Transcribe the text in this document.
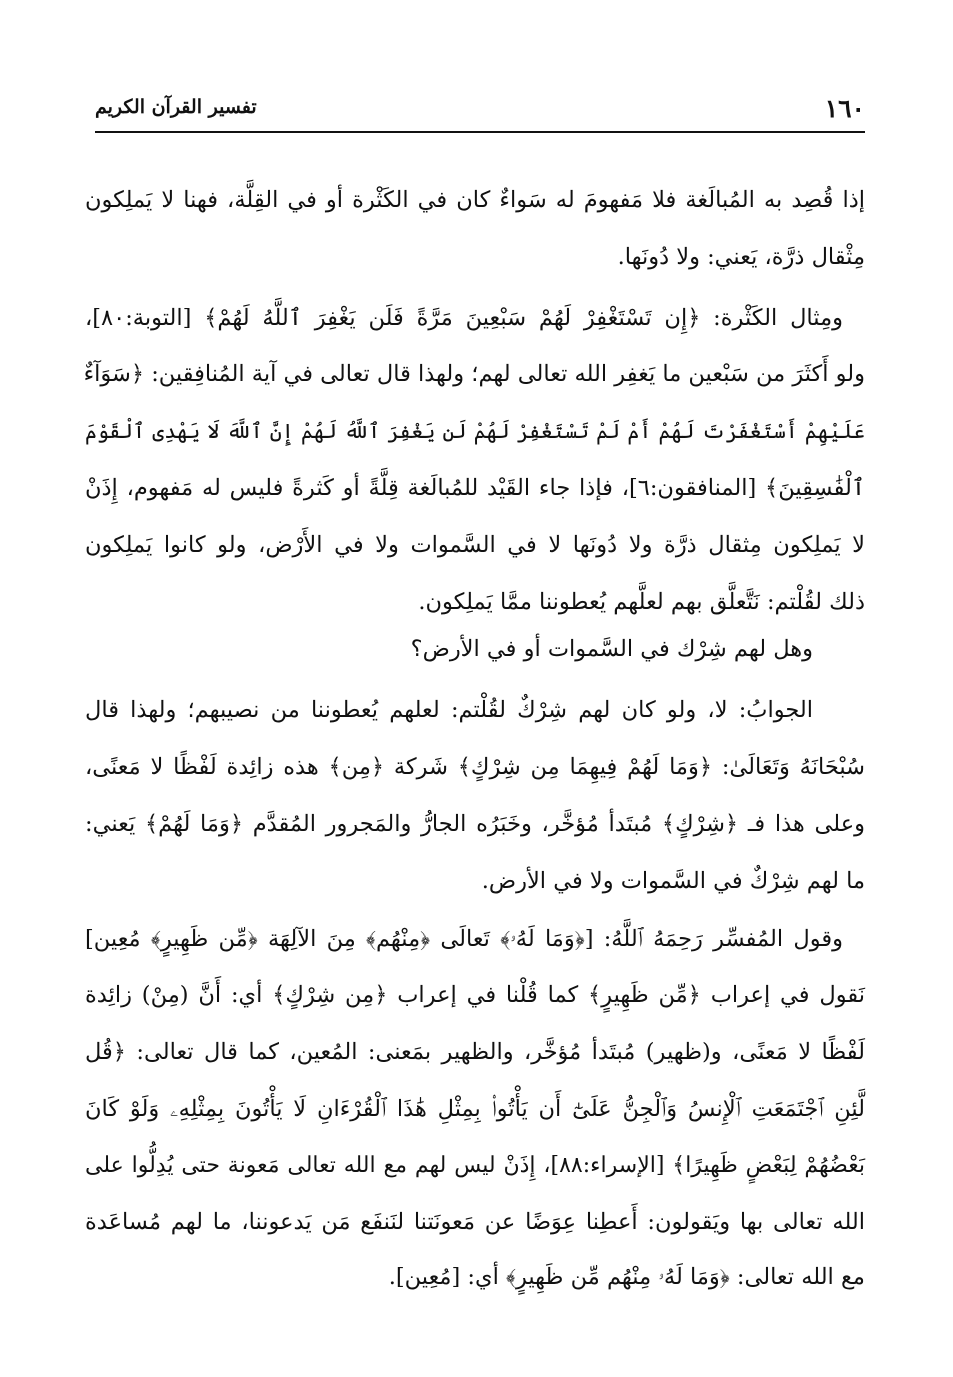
١٦٠
تفسير القرآن الكريم
إذا قُصِد به المُبالَغة فلا مَفهومَ له سَواءٌ كان في الكَثْرة أو في القِلَّة، فهنا لا يَملِكون
مِثْقال ذرَّة، يَعني: ولا دُونَها.
ومِثال الكَثْرة: ﴿إِن تَسْتَغْفِرْ لَهُمْ سَبْعِينَ مَرَّةً فَلَن يَغْفِرَ ٱللَّهُ لَهُمْ﴾ [التوبة:٨٠]،
ولو أَكثَرَ من سَبْعين ما يَغفِر الله تعالى لهم؛ ولهذا قال تعالى في آية المُنافِقين: ﴿سَوَآءٌ
عَلَيْهِمْ أَسْتَغْفَرْتَ لَهُمْ أَمْ لَمْ تَسْتَغْفِرْ لَهُمْ لَن يَغْفِرَ ٱللَّهُ لَهُمْ إِنَّ ٱللَّهَ لَا يَهْدِى ٱلْقَوْمَ
ٱلْفَٰسِقِينَ﴾ [المنافقون:٦]، فإذا جاء القَيْد للمُبالَغة قِلَّةً أو كَثرةً فليس له مَفهوم، إِذَنْ
لا يَملِكون مِثقال ذرَّة ولا دُونَها لا في السَّموات ولا في الأَرْض، ولو كانوا يَملِكون
ذلك لقُلْتم: نَتَّعلَّق بهم لعلَّهم يُعطوننا ممَّا يَملِكون.
وهل لهم شِرْك في السَّموات أو في الأرض؟
الجوابُ: لا، ولو كان لهم شِرْكٌ لقُلْتم: لعلهم يُعطوننا من نصيبهم؛ ولهذا قال
سُبْحَانَهُ وَتَعَالَىٰ: ﴿وَمَا لَهُمْ فِيهِمَا مِن شِرْكٍ﴾ شَركة ﴿مِن﴾ هذه زائِدة لَفْظًا لا مَعنًى،
وعلى هذا فـ ﴿شِرْكٍ﴾ مُبتَدأ مُؤخَّر، وخَبَرُه الجارُّ والمَجرور المُقدَّم ﴿وَمَا لَهُمْ﴾ يَعني:
ما لهم شِرْكٌ في السَّموات ولا في الأرض.
وقول المُفسِّر رَحِمَهُ ٱللَّهُ: [﴿وَمَا لَهُۥ﴾ تَعالَى ﴿مِنْهُم﴾ مِنَ الآلِهَة ﴿مِّن ظَهِيرٍ﴾ مُعِين]
نَقول في إعراب ﴿مِّن ظَهِيرٍ﴾ كما قُلْنا في إعراب ﴿مِن شِرْكٍ﴾ أي: أَنَّ (مِنْ) زائِدة
لَفْظًا لا مَعنًى، و(ظهير) مُبتَدأ مُؤخَّر، والظهير بمَعنى: المُعين، كما قال تعالى: ﴿قُل
لَّئِنِ ٱجْتَمَعَتِ ٱلْإِنسُ وَٱلْجِنُّ عَلَىٰٓ أَن يَأْتُوا۟ بِمِثْلِ هَٰذَا ٱلْقُرْءَانِ لَا يَأْتُونَ بِمِثْلِهِۦ وَلَوْ كَانَ
بَعْضُهُمْ لِبَعْضٍ ظَهِيرًا﴾ [الإسراء:٨٨]، إِذَنْ ليس لهم مع الله تعالى مَعونة حتى يُدِلُّوا على
الله تعالى بها ويَقولون: أَعطِنا عِوَضًا عن مَعونَتنا لنَنفَع مَن يَدعوننا، ما لهم مُساعَدة
مع الله تعالى: ﴿وَمَا لَهُۥ مِنْهُم مِّن ظَهِيرٍ﴾ أي: [مُعِين].
